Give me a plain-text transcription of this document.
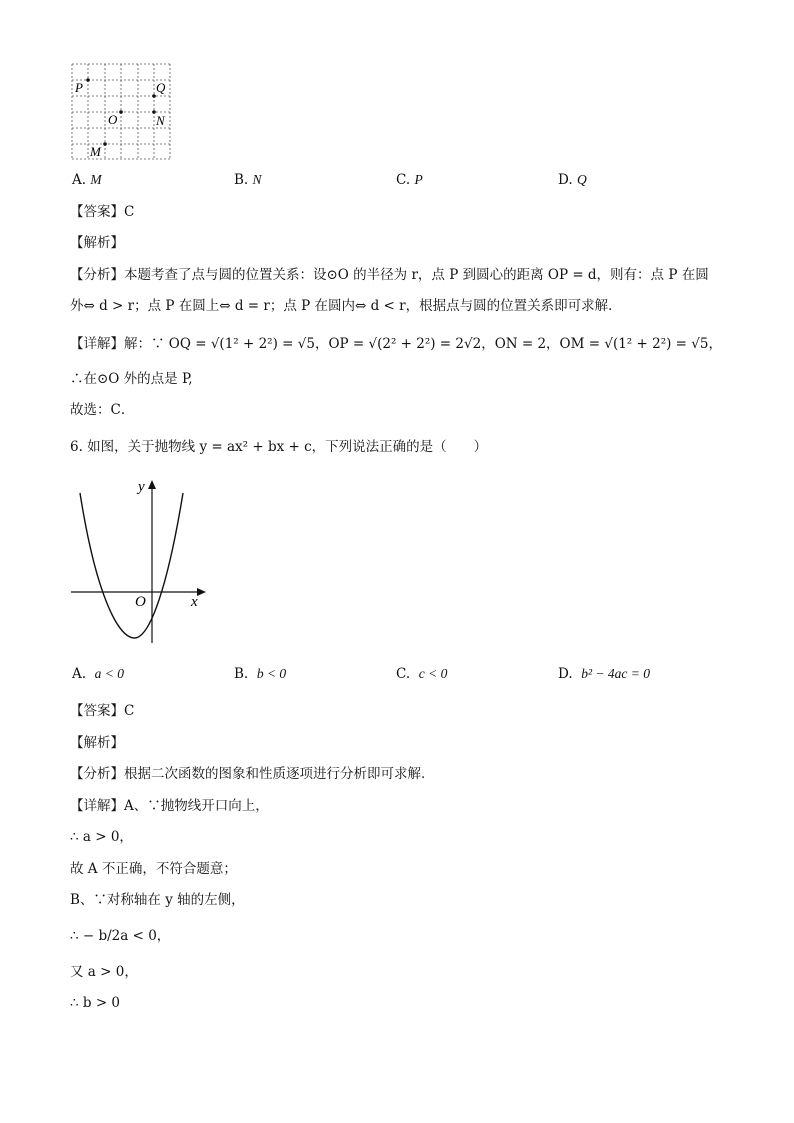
P	Q
O	N
M
A. M	B. N	C. P	D. Q
【答案】C
【解析】
【分析】本题考查了点与圆的位置关系：设⊙O 的半径为 r，点 P 到圆心的距离 OP = d，则有：点 P 在圆
外⇔ d > r；点 P 在圆上⇔ d = r；点 P 在圆内⇔ d < r，根据点与圆的位置关系即可求解．
【详解】解：∵ OQ = √(1² + 2²) = √5，OP = √(2² + 2²) = 2√2，ON = 2，OM = √(1² + 2²) = √5，
∴在⊙O 外的点是 P,
故选：C．
6. 如图，关于抛物线 y = ax² + bx + c，下列说法正确的是（　　）
y
x
O
A. a < 0	B. b < 0	C. c < 0	D. b² − 4ac = 0
【答案】C
【解析】
【分析】根据二次函数的图象和性质逐项进行分析即可求解．
【详解】A、∵抛物线开口向上，
∴ a > 0，
故 A 不正确，不符合题意；
B、∵对称轴在 y 轴的左侧，
∴ − b/2a < 0，
又 a > 0，
∴ b > 0
